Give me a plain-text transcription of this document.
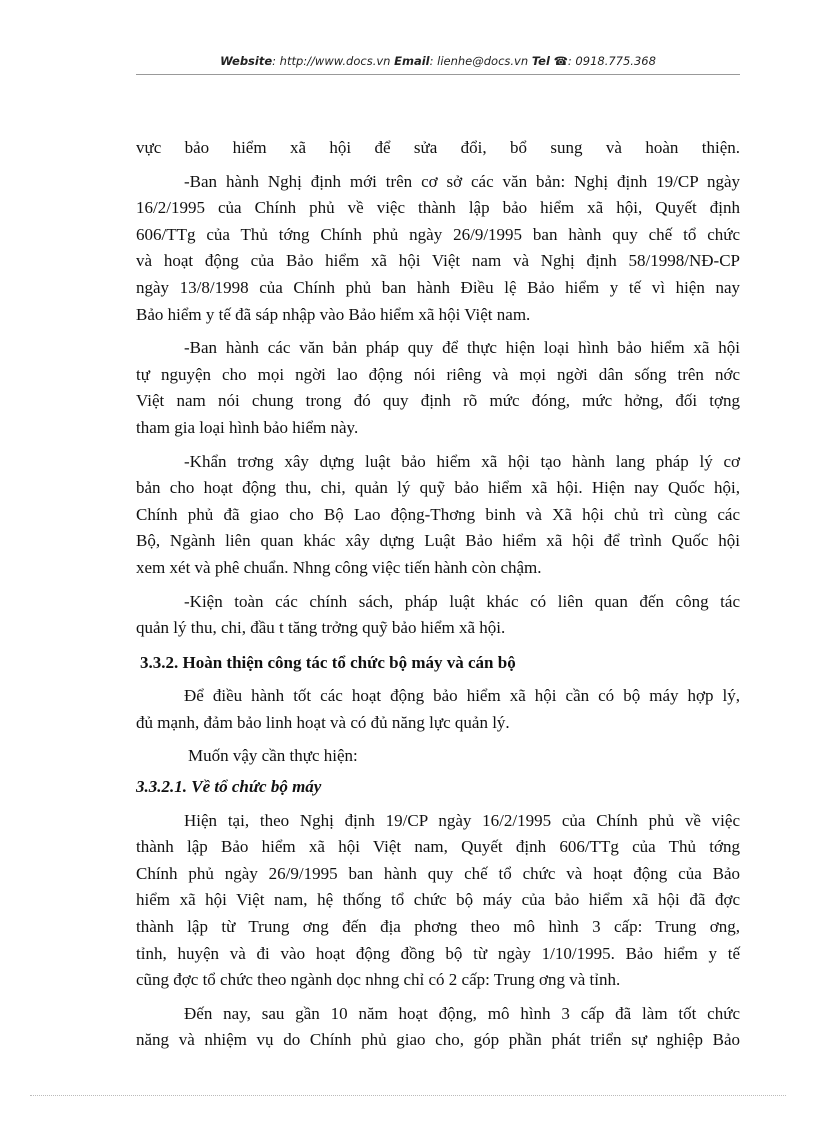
Website: http://www.docs.vn Email: lienhe@docs.vn Tel ☎: 0918.775.368
vực bảo hiểm xã hội để sửa đổi, bổ sung và hoàn thiện.
-Ban hành Nghị định mới trên cơ sở các văn bản: Nghị định 19/CP ngày
16/2/1995 của Chính phủ về việc thành lập bảo hiểm xã hội, Quyết định
606/TTg của Thủ tớng Chính phủ ngày 26/9/1995 ban hành quy chế tổ chức
và hoạt động của Bảo hiểm xã hội Việt nam và Nghị định 58/1998/NĐ-CP
ngày 13/8/1998 của Chính phủ ban hành Điều lệ Bảo hiểm y tế vì hiện nay
Bảo hiểm y tế đã sáp nhập vào Bảo hiểm xã hội Việt nam.
-Ban hành các văn bản pháp quy để thực hiện loại hình bảo hiểm xã hội
tự nguyện cho mọi ngời lao động nói riêng và mọi ngời dân sống trên nớc
Việt nam nói chung trong đó quy định rõ mức đóng, mức hởng, đối tợng
tham gia loại hình bảo hiểm này.
-Khẩn trơng xây dựng luật bảo hiểm xã hội tạo hành lang pháp lý cơ
bản cho hoạt động thu, chi, quản lý quỹ bảo hiểm xã hội. Hiện nay Quốc hội,
Chính phủ đã giao cho Bộ Lao động-Thơng binh và Xã hội chủ trì cùng các
Bộ, Ngành liên quan khác xây dựng Luật Bảo hiểm xã hội để trình Quốc hội
xem xét và phê chuẩn. Nhng công việc tiến hành còn chậm.
-Kiện toàn các chính sách, pháp luật khác có liên quan đến công tác
quản lý thu, chi, đầu t tăng trởng quỹ bảo hiểm xã hội.
3.3.2. Hoàn thiện công tác tổ chức bộ máy và cán bộ
Để điều hành tốt các hoạt động bảo hiểm xã hội cần có bộ máy hợp lý,
đủ mạnh, đảm bảo linh hoạt và có đủ năng lực quản lý.
Muốn vậy cần thực hiện:
3.3.2.1. Về tổ chức bộ máy
Hiện tại, theo Nghị định 19/CP ngày 16/2/1995 của Chính phủ về việc
thành lập Bảo hiểm xã hội Việt nam, Quyết định 606/TTg của Thủ tớng
Chính phủ ngày 26/9/1995 ban hành quy chế tổ chức và hoạt động của Bảo
hiểm xã hội Việt nam, hệ thống tổ chức bộ máy của bảo hiểm xã hội đã đợc
thành lập từ Trung ơng đến địa phơng theo mô hình 3 cấp: Trung ơng,
tỉnh, huyện và đi vào hoạt động đồng bộ từ ngày 1/10/1995. Bảo hiểm y tế
cũng đợc tổ chức theo ngành dọc nhng chỉ có 2 cấp: Trung ơng và tỉnh.
Đến nay, sau gần 10 năm hoạt động, mô hình 3 cấp đã làm tốt chức
năng và nhiệm vụ do Chính phủ giao cho, góp phần phát triển sự nghiệp Bảo
